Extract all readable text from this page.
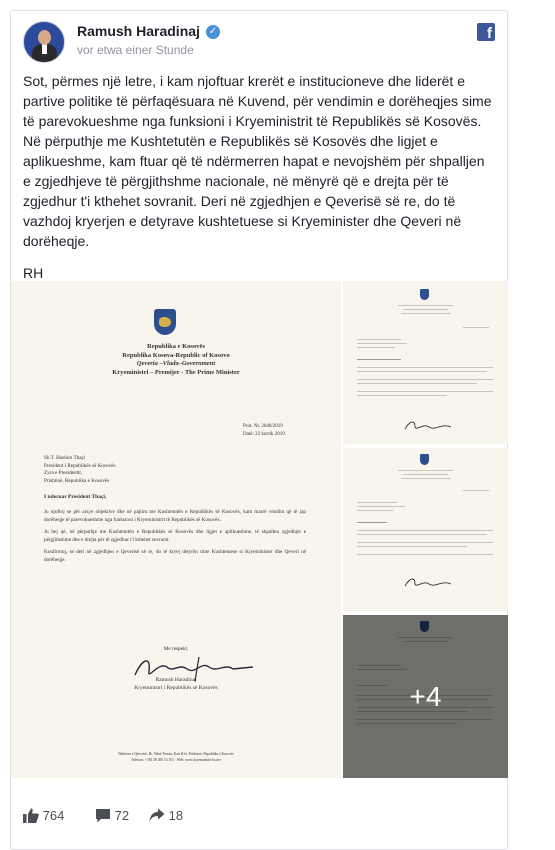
Ramush Haradinaj ✓
vor etwa einer Stunde
f

Sot, përmes një letre, i kam njoftuar krerët e institucioneve dhe liderët e partive politike të përfaqësuara në Kuvend, për vendimin e dorëheqjes sime të parevokueshme nga funksioni i Kryeministrit të Republikës së Kosovës. Në përputhje me Kushtetutën e Republikës së Kosovës dhe ligjet e aplikueshme, kam ftuar që të ndërmerren hapat e nevojshëm për shpalljen e zgjedhjeve të përgjithshme nacionale, në mënyrë që e drejta për të zgjedhur t'i kthehet sovranit. Deri në zgjedhjen e Qeverisë së re, do të vazhdoj kryerjen e detyrave kushtetuese si Kryeminister dhe Qeveri në dorëheqje.

RH

Republika e Kosovës
Republika Kosova-Republic of Kosovo
Qeveria –Vlada–Government
Kryeministri – Premijer - The Prime Minister
Prot. Nr. 2640/2019
Datë: 22 korrik 2019
Sh.T. Hashim Thaçi
President i Republikës së Kosovës
Zyra e Presidentit,
Prishtinë, Republika e Kosovës
I nderuar President Thaçi,
Ju njoftoj se për arsye objektive dhe në pajtim me Kushtetutën e Republikës së Kosovës, kam marrë vendim që të jap dorëheqje të parevokueshme nga funksioni i Kryeministrit të Republikës së Kosovës.
Ju bej që, në përputhje me Kushtetutën e Republikës së Kosovës dhe ligjet e aplikueshme, të shpallen zgjedhjet e përgjithshme dhe e drejta për të zgjedhur t'i kthehet sovranit.
Konfirmoj, se deri në zgjedhjen e Qeverisë së re, do të kryej detyrën time Kushtetuese si Kryeminister dhe Qeveri në dorëheqje.
Me respekt,
Ramush Haradinaj
Kryeministri i Republikës së Kosovës
Ndërtesa e Qeverisë, Rr. Nënë Tereza, Kati II-të, Prishtinë, Republika e Kosovës
Telefoni: +381 38 200 14 101 · Web: www.kryeministri-ks.net
+4
764	72	18
